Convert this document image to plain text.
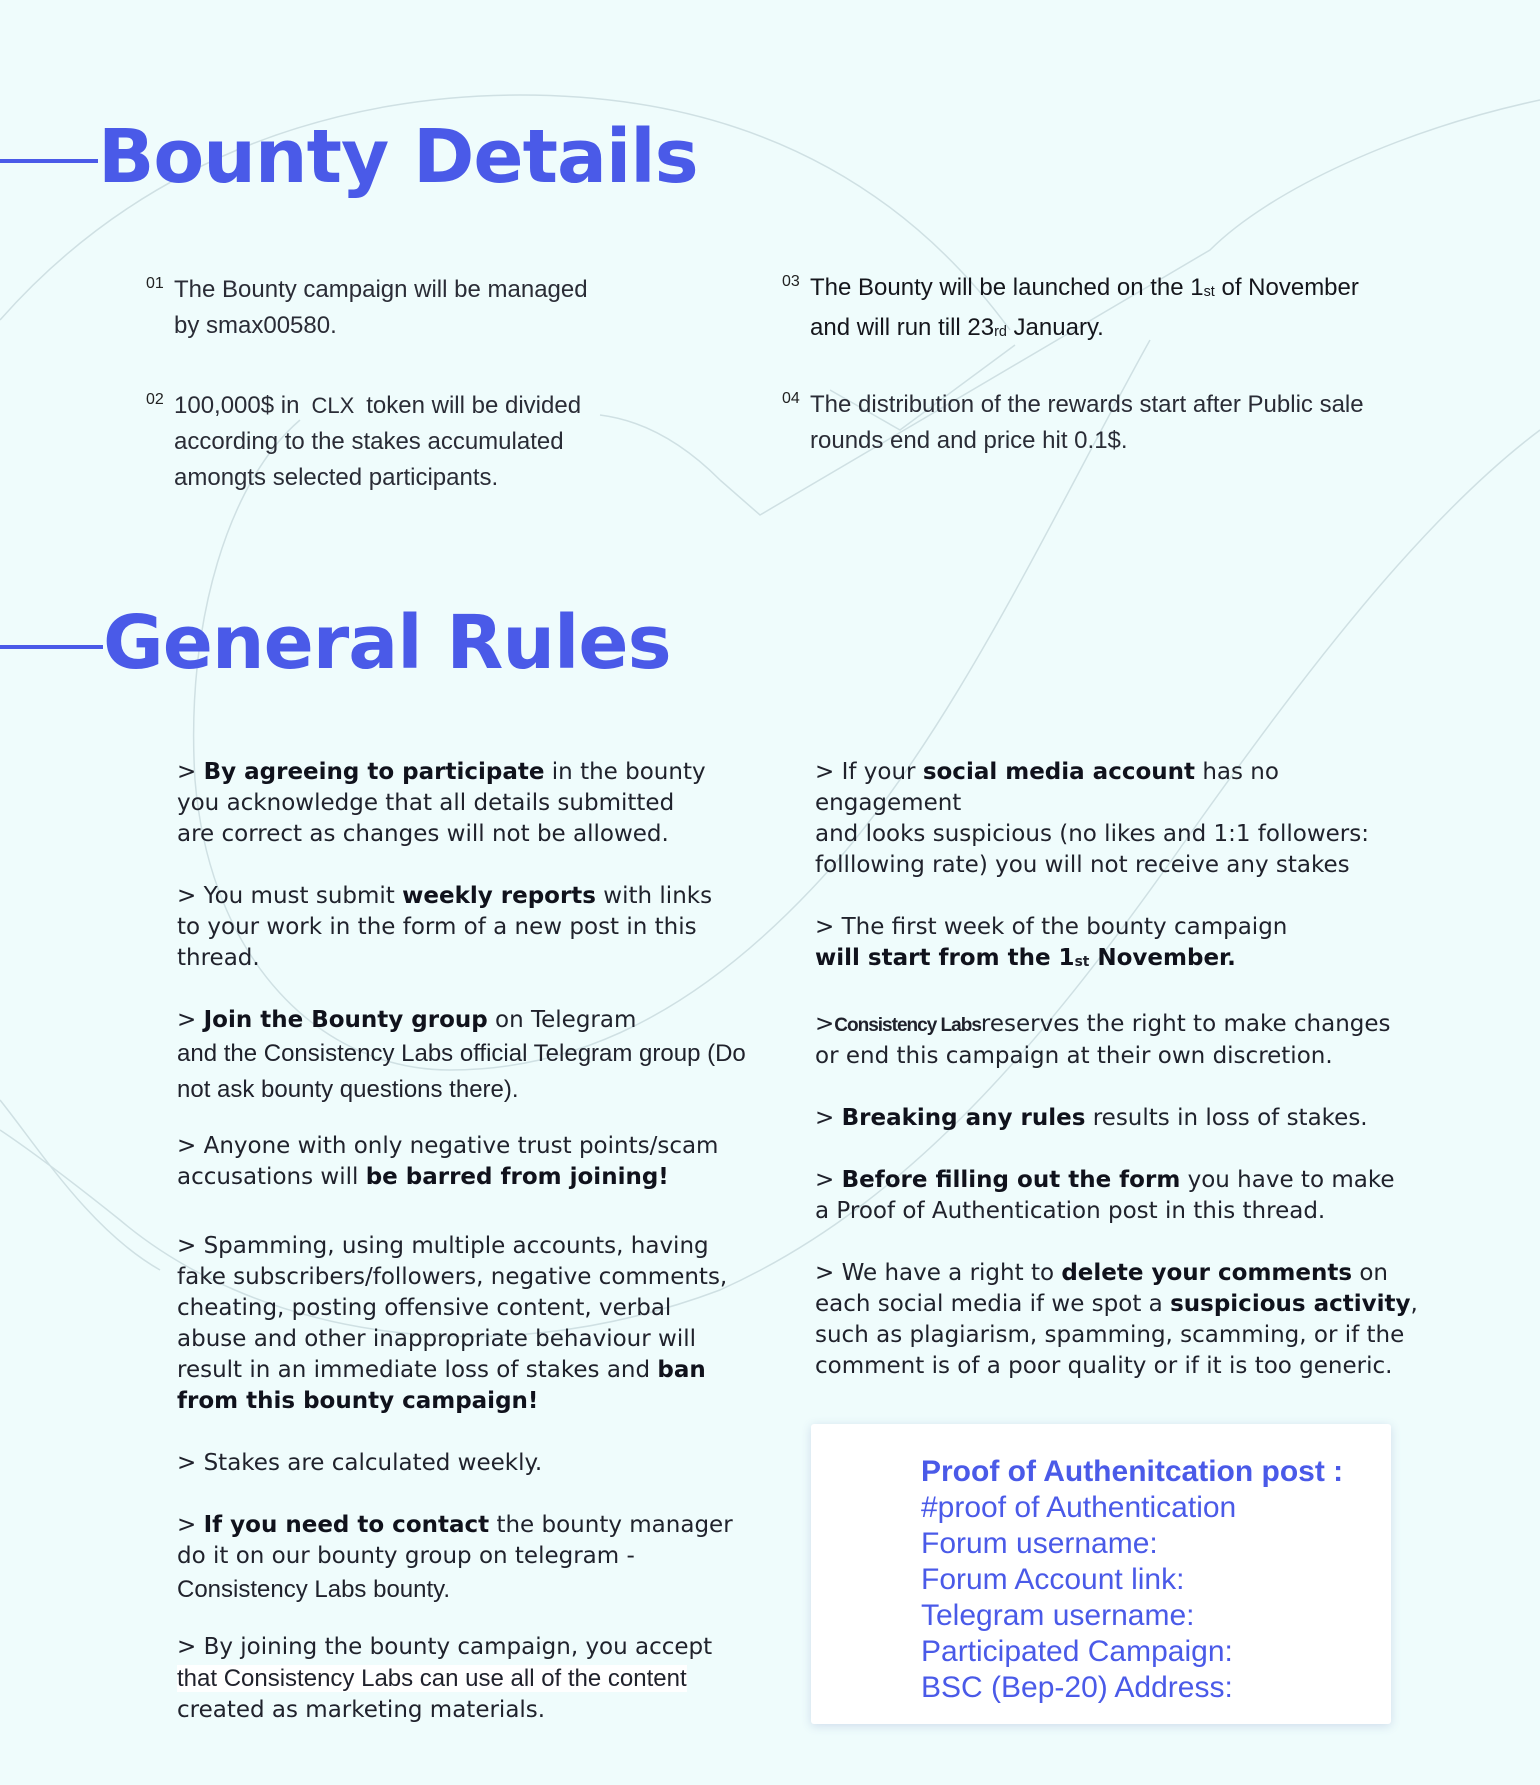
Bounty Details
01 The Bounty campaign will be managed

by smax00580.

02 100,000$ in CLX token will be divided

according to the stakes accumulated

amongts selected participants.

03 The Bounty will be launched on the $1_{st}$ of November

and will run till $23_{rd}$ January.

04 The distribution of the rewards start after Public sale

rounds end and price hit 0.1$.

General Rules

> By agreeing to participate in the bounty
you acknowledge that all details submitted
are correct as changes will not be allowed.

> You must submit weekly reports with links
to your work in the form of a new post in this
thread.

> Join the Bounty group on Telegram
and the Consistency Labs official Telegram group (Do
not ask bounty questions there).

> Anyone with only negative trust points/scam
accusations will be barred from joining!

> Spamming, using multiple accounts, having
fake subscribers/followers, negative comments,
cheating, posting offensive content, verbal
abuse and other inappropriate behaviour will
result in an immediate loss of stakes and ban
from this bounty campaign!

> Stakes are calculated weekly.

> If you need to contact the bounty manager
do it on our bounty group on telegram -
Consistency Labs bounty.

> By joining the bounty campaign, you accept
that Consistency Labs can use all of the content
created as marketing materials.

> If your social media account has no engagement
and looks suspicious (no likes and 1:1 followers:
folllowing rate) you will not receive any stakes

> The first week of the bounty campaign
will start from the $1_{st}$ November.

>Consistency Labsreserves the right to make changes
or end this campaign at their own discretion.

> Breaking any rules results in loss of stakes.

> Before filling out the form you have to make
a Proof of Authentication post in this thread.

> We have a right to delete your comments on
each social media if we spot a suspicious activity,
such as plagiarism, spamming, scamming, or if the
comment is of a poor quality or if it is too generic.

Proof of Authenitcation post :
#proof of Authentication
Forum username:
Forum Account link:
Telegram username:
Participated Campaign:
BSC (Bep-20) Address:
